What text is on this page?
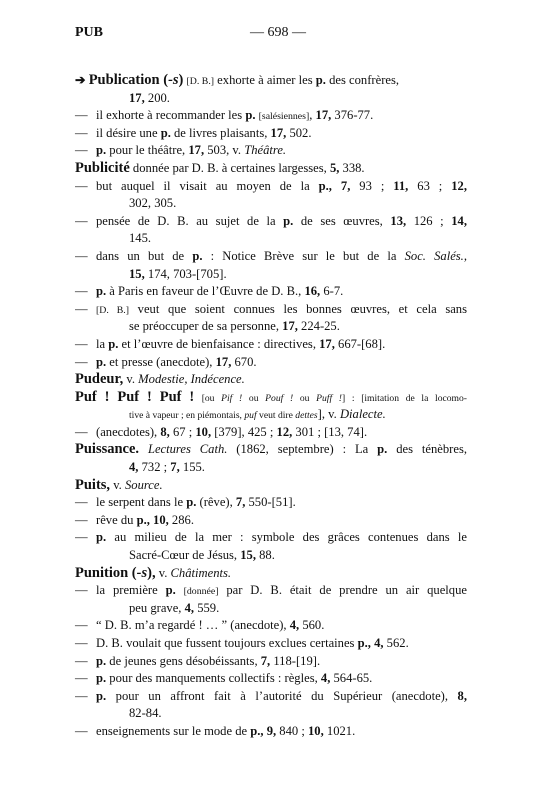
PUB	— 698 —
➔ Publication (-s) [D. B.] exhorte à aimer les p. des confrères,
17, 200.
— il exhorte à recommander les p. [salésiennes], 17, 376-77.
— il désire une p. de livres plaisants, 17, 502.
— p. pour le théâtre, 17, 503, v. Théâtre.
Publicité donnée par D. B. à certaines largesses, 5, 338.
— but auquel il visait au moyen de la p., 7, 93 ; 11, 63 ; 12,
302, 305.
— pensée de D. B. au sujet de la p. de ses œuvres, 13, 126 ; 14,
145.
— dans un but de p. : Notice Brève sur le but de la Soc. Salés.,
15, 174, 703-[705].
— p. à Paris en faveur de l’Œuvre de D. B., 16, 6-7.
— [D. B.] veut que soient connues les bonnes œuvres, et cela sans
se préoccuper de sa personne, 17, 224-25.
— la p. et l’œuvre de bienfaisance : directives, 17, 667-[68].
— p. et presse (anecdote), 17, 670.
Pudeur, v. Modestie, Indécence.
Puf ! Puf ! Puf ! [ou Pif ! ou Pouf ! ou Puff !] : [imitation de la locomo-
tive à vapeur ; en piémontais, puf veut dire dettes], v. Dialecte.
— (anecdotes), 8, 67 ; 10, [379], 425 ; 12, 301 ; [13, 74].
Puissance. Lectures Cath. (1862, septembre) : La p. des ténèbres,
4, 732 ; 7, 155.
Puits, v. Source.
— le serpent dans le p. (rêve), 7, 550-[51].
— rêve du p., 10, 286.
— p. au milieu de la mer : symbole des grâces contenues dans le
Sacré-Cœur de Jésus, 15, 88.
Punition (-s), v. Châtiments.
— la première p. [donnée] par D. B. était de prendre un air quelque
peu grave, 4, 559.
— “ D. B. m’a regardé ! … ” (anecdote), 4, 560.
— D. B. voulait que fussent toujours exclues certaines p., 4, 562.
— p. de jeunes gens désobéissants, 7, 118-[19].
— p. pour des manquements collectifs : règles, 4, 564-65.
— p. pour un affront fait à l’autorité du Supérieur (anecdote), 8,
82-84.
— enseignements sur le mode de p., 9, 840 ; 10, 1021.
